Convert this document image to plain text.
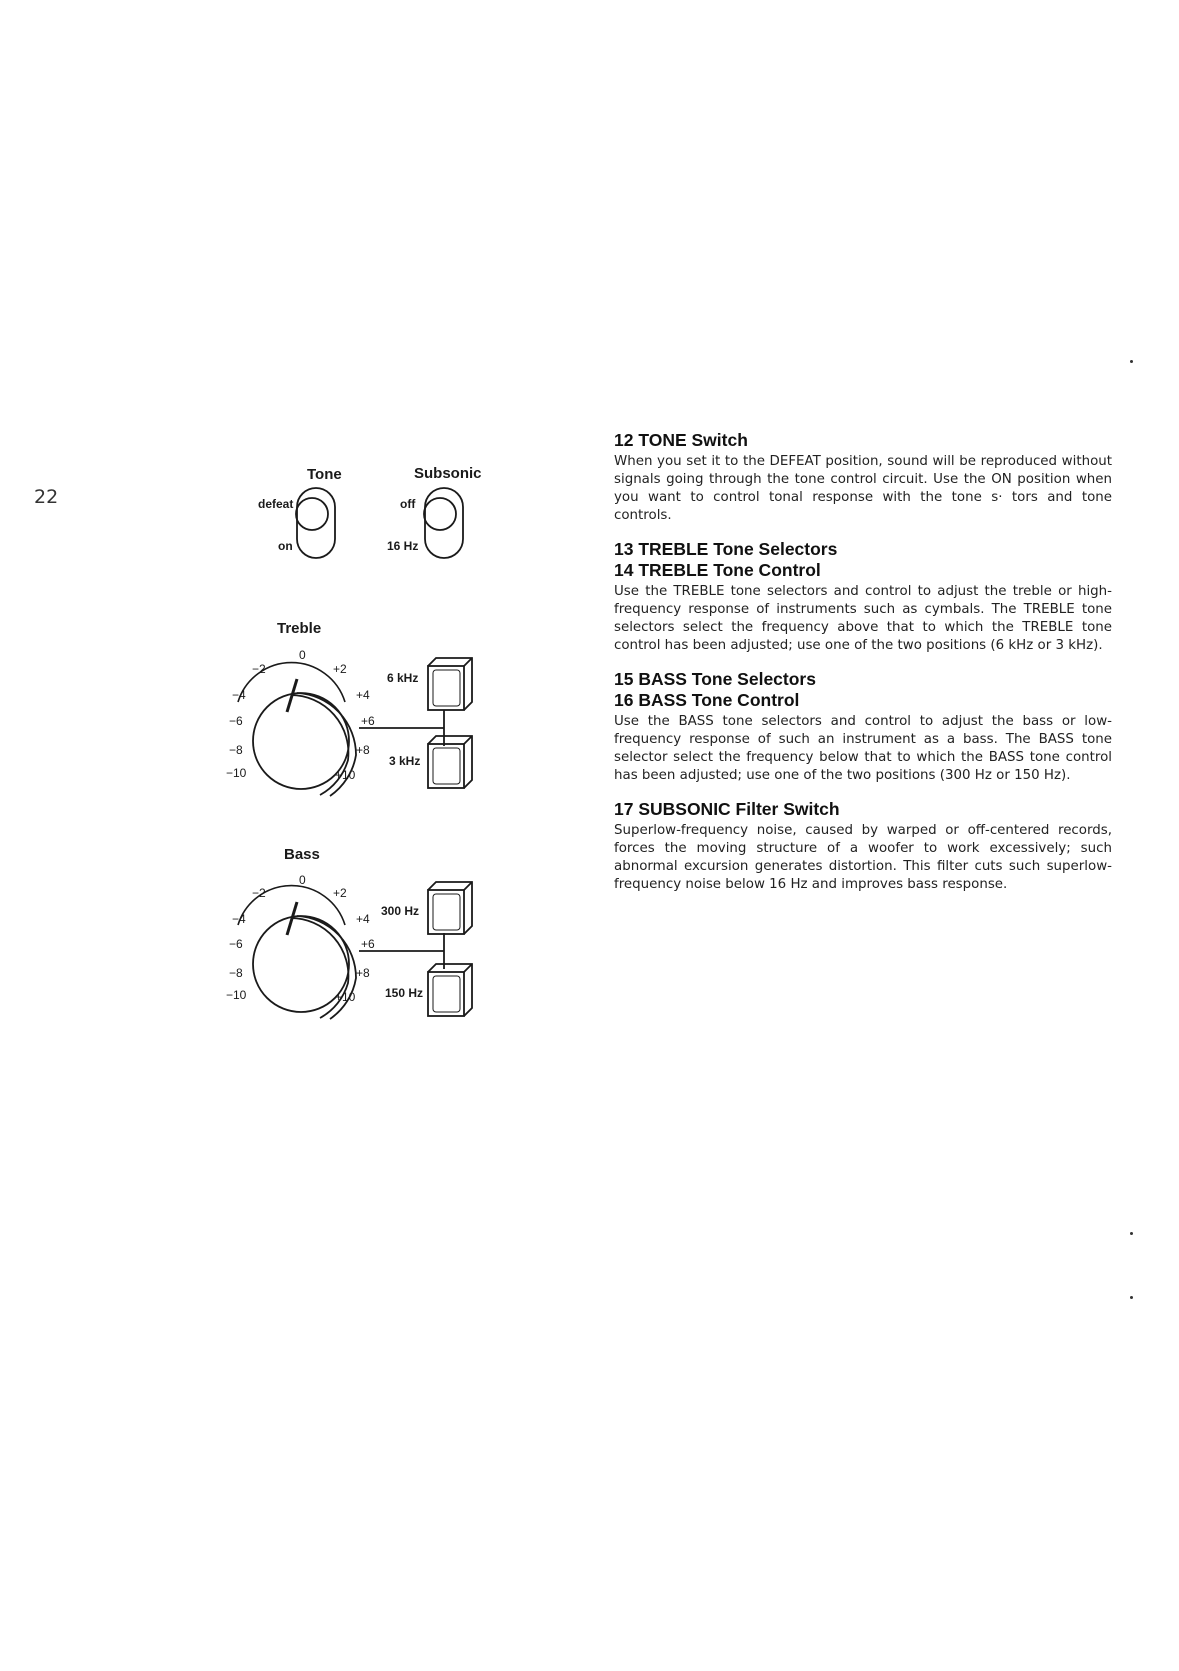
22
Tone
defeat
on
Subsonic
off
16 Hz
Treble
0
+2
+4
+6
+8
+10
−2
−4
−6
−8
−10
6 kHz
3 kHz
Bass
0
+2
+4
+6
+8
+10
−2
−4
−6
−8
−10
300 Hz
150 Hz
12 TONE Switch

When you set it to the DEFEAT position, sound will be reproduced without signals going through the tone control circuit. Use the ON position when you want to control tonal response with the tone s· tors and tone controls.

13 TREBLE Tone Selectors
14 TREBLE Tone Control

Use the TREBLE tone selectors and control to adjust the treble or high-frequency response of instruments such as cymbals. The TREBLE tone selectors select the frequency above that to which the TREBLE tone control has been adjusted; use one of the two positions (6 kHz or 3 kHz).

15 BASS Tone Selectors
16 BASS Tone Control

Use the BASS tone selectors and control to adjust the bass or low-frequency response of such an instrument as a bass. The BASS tone selector select the frequency below that to which the BASS tone control has been adjusted; use one of the two positions (300 Hz or 150 Hz).

17 SUBSONIC Filter Switch

Superlow-frequency noise, caused by warped or off-centered records, forces the moving structure of a woofer to work excessively; such abnormal excursion generates distortion. This filter cuts such superlow-frequency noise below 16 Hz and improves bass response.
